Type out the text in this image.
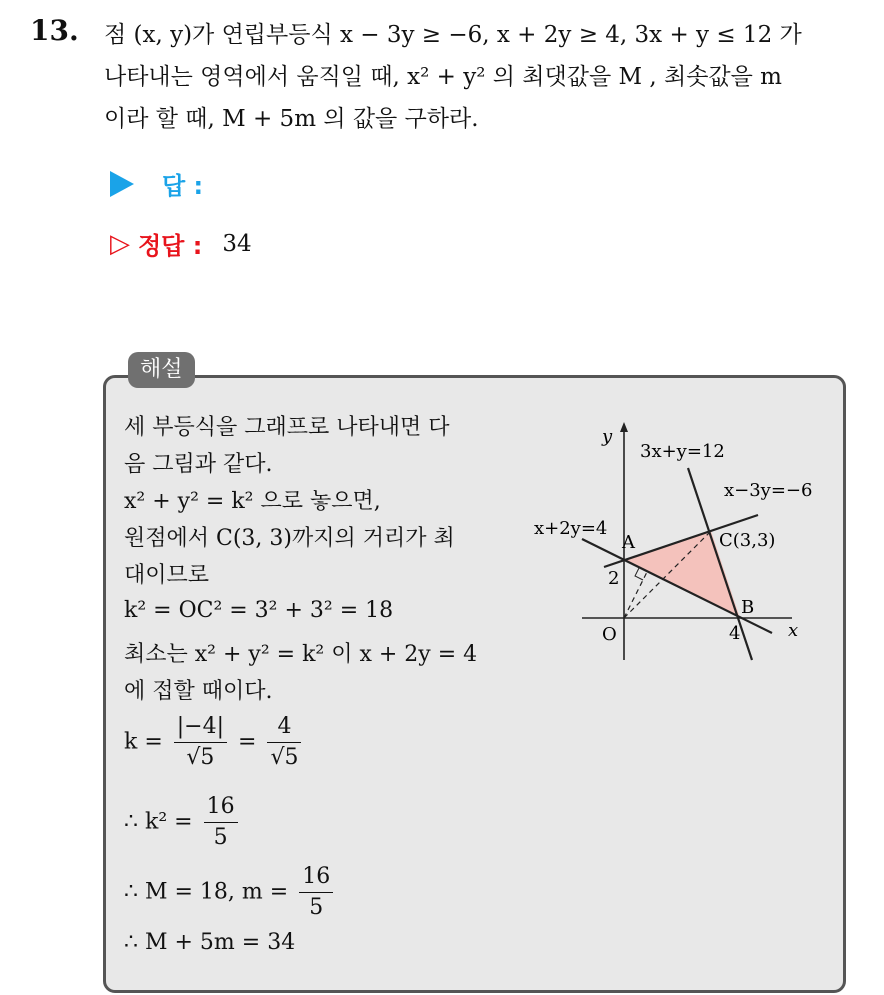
13. 점 (x, y)가 연립부등식 x − 3y ≥ −6, x + 2y ≥ 4, 3x + y ≤ 12 가
나타내는 영역에서 움직일 때, x² + y² 의 최댓값을 M , 최솟값을 m
이라 할 때, M + 5m 의 값을 구하라.
답 :
▷ 정답 : 34
해설
세 부등식을 그래프로 나타내면 다
음 그림과 같다.
x² + y² = k² 으로 놓으면,
원점에서 C(3, 3)까지의 거리가 최
대이므로
k² = OC² = 3² + 3² = 18
최소는 x² + y² = k² 이 x + 2y = 4
에 접할 때이다.
$k = \frac{|-4|}{√5} = \frac{4}{√5}$
∴ $k^2 = \frac{16}{5}$
∴ M = 18, $m = \frac{16}{5}$
∴ M + 5m = 34
3x+y=12
x−3y=−6
x+2y=4
A	C(3,3)
B
O
2
4	x
y
